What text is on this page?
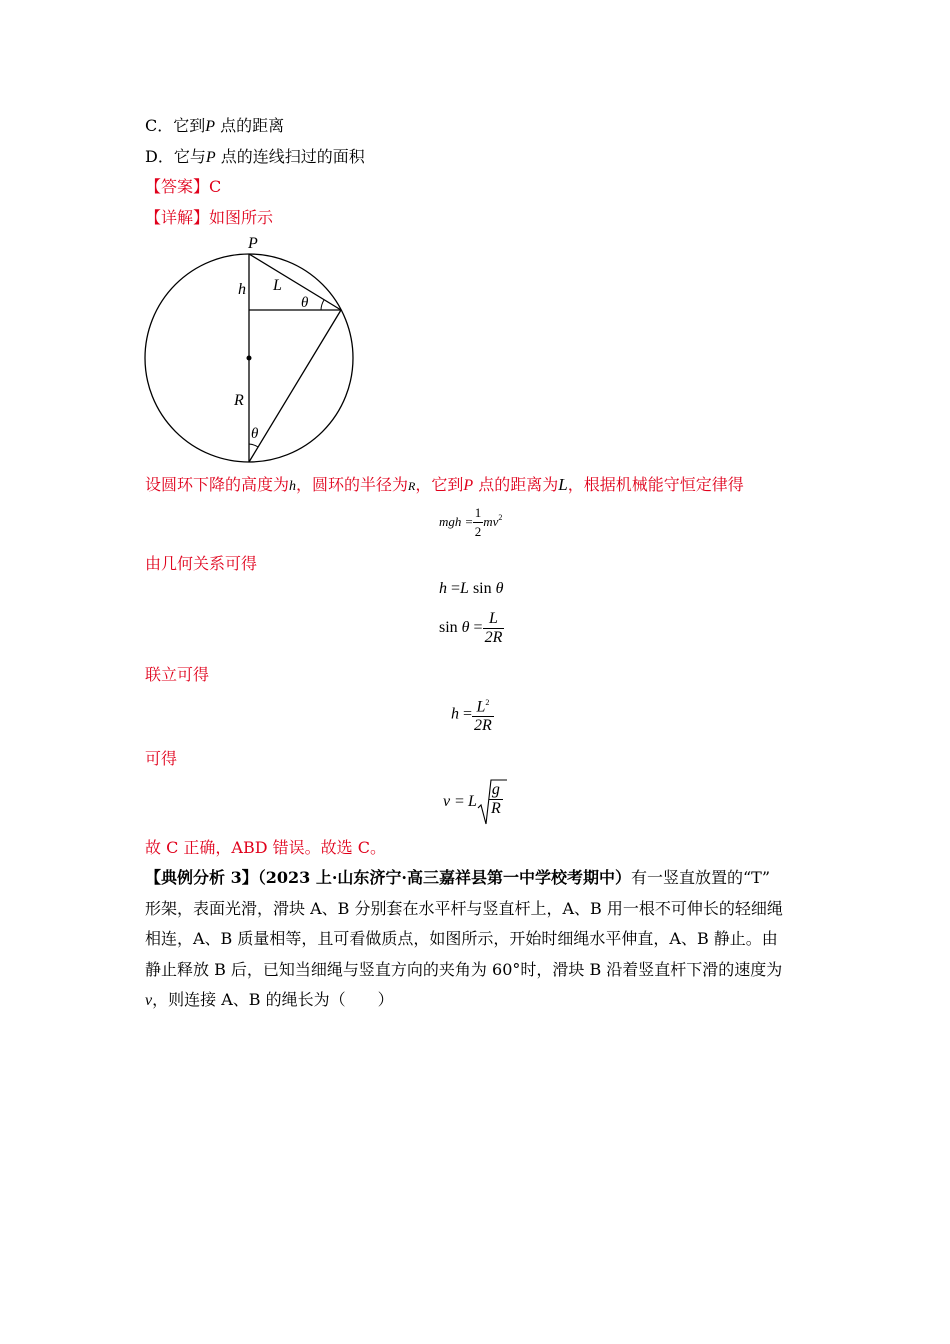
C．它到P 点的距离
D．它与P 点的连线扫过的面积
【答案】C
【详解】如图所示
P
h L
θ
R
θ
设圆环下降的高度为h，圆环的半径为R，它到P 点的距离为L，根据机械能守恒定律得
mgh = $\frac{1}{2} mv^2$
由几何关系可得
h =L sin θ
$\sin \theta = \frac{L}{2R}$
联立可得
$h = \frac{L^2}{2R}$
可得
v = L $\frac{g}{R}$
故 C 正确，ABD 错误。故选 C。
【典例分析 3】（2023 上·山东济宁·高三嘉祥县第一中学校考期中）有一竖直放置的“T”
形架，表面光滑，滑块 A、B 分别套在水平杆与竖直杆上，A、B 用一根不可伸长的轻细绳
相连，A、B 质量相等，且可看做质点，如图所示，开始时细绳水平伸直，A、B 静止。由
静止释放 B 后，已知当细绳与竖直方向的夹角为 60°时，滑块 B 沿着竖直杆下滑的速度为
v，则连接 A、B 的绳长为（　　）
